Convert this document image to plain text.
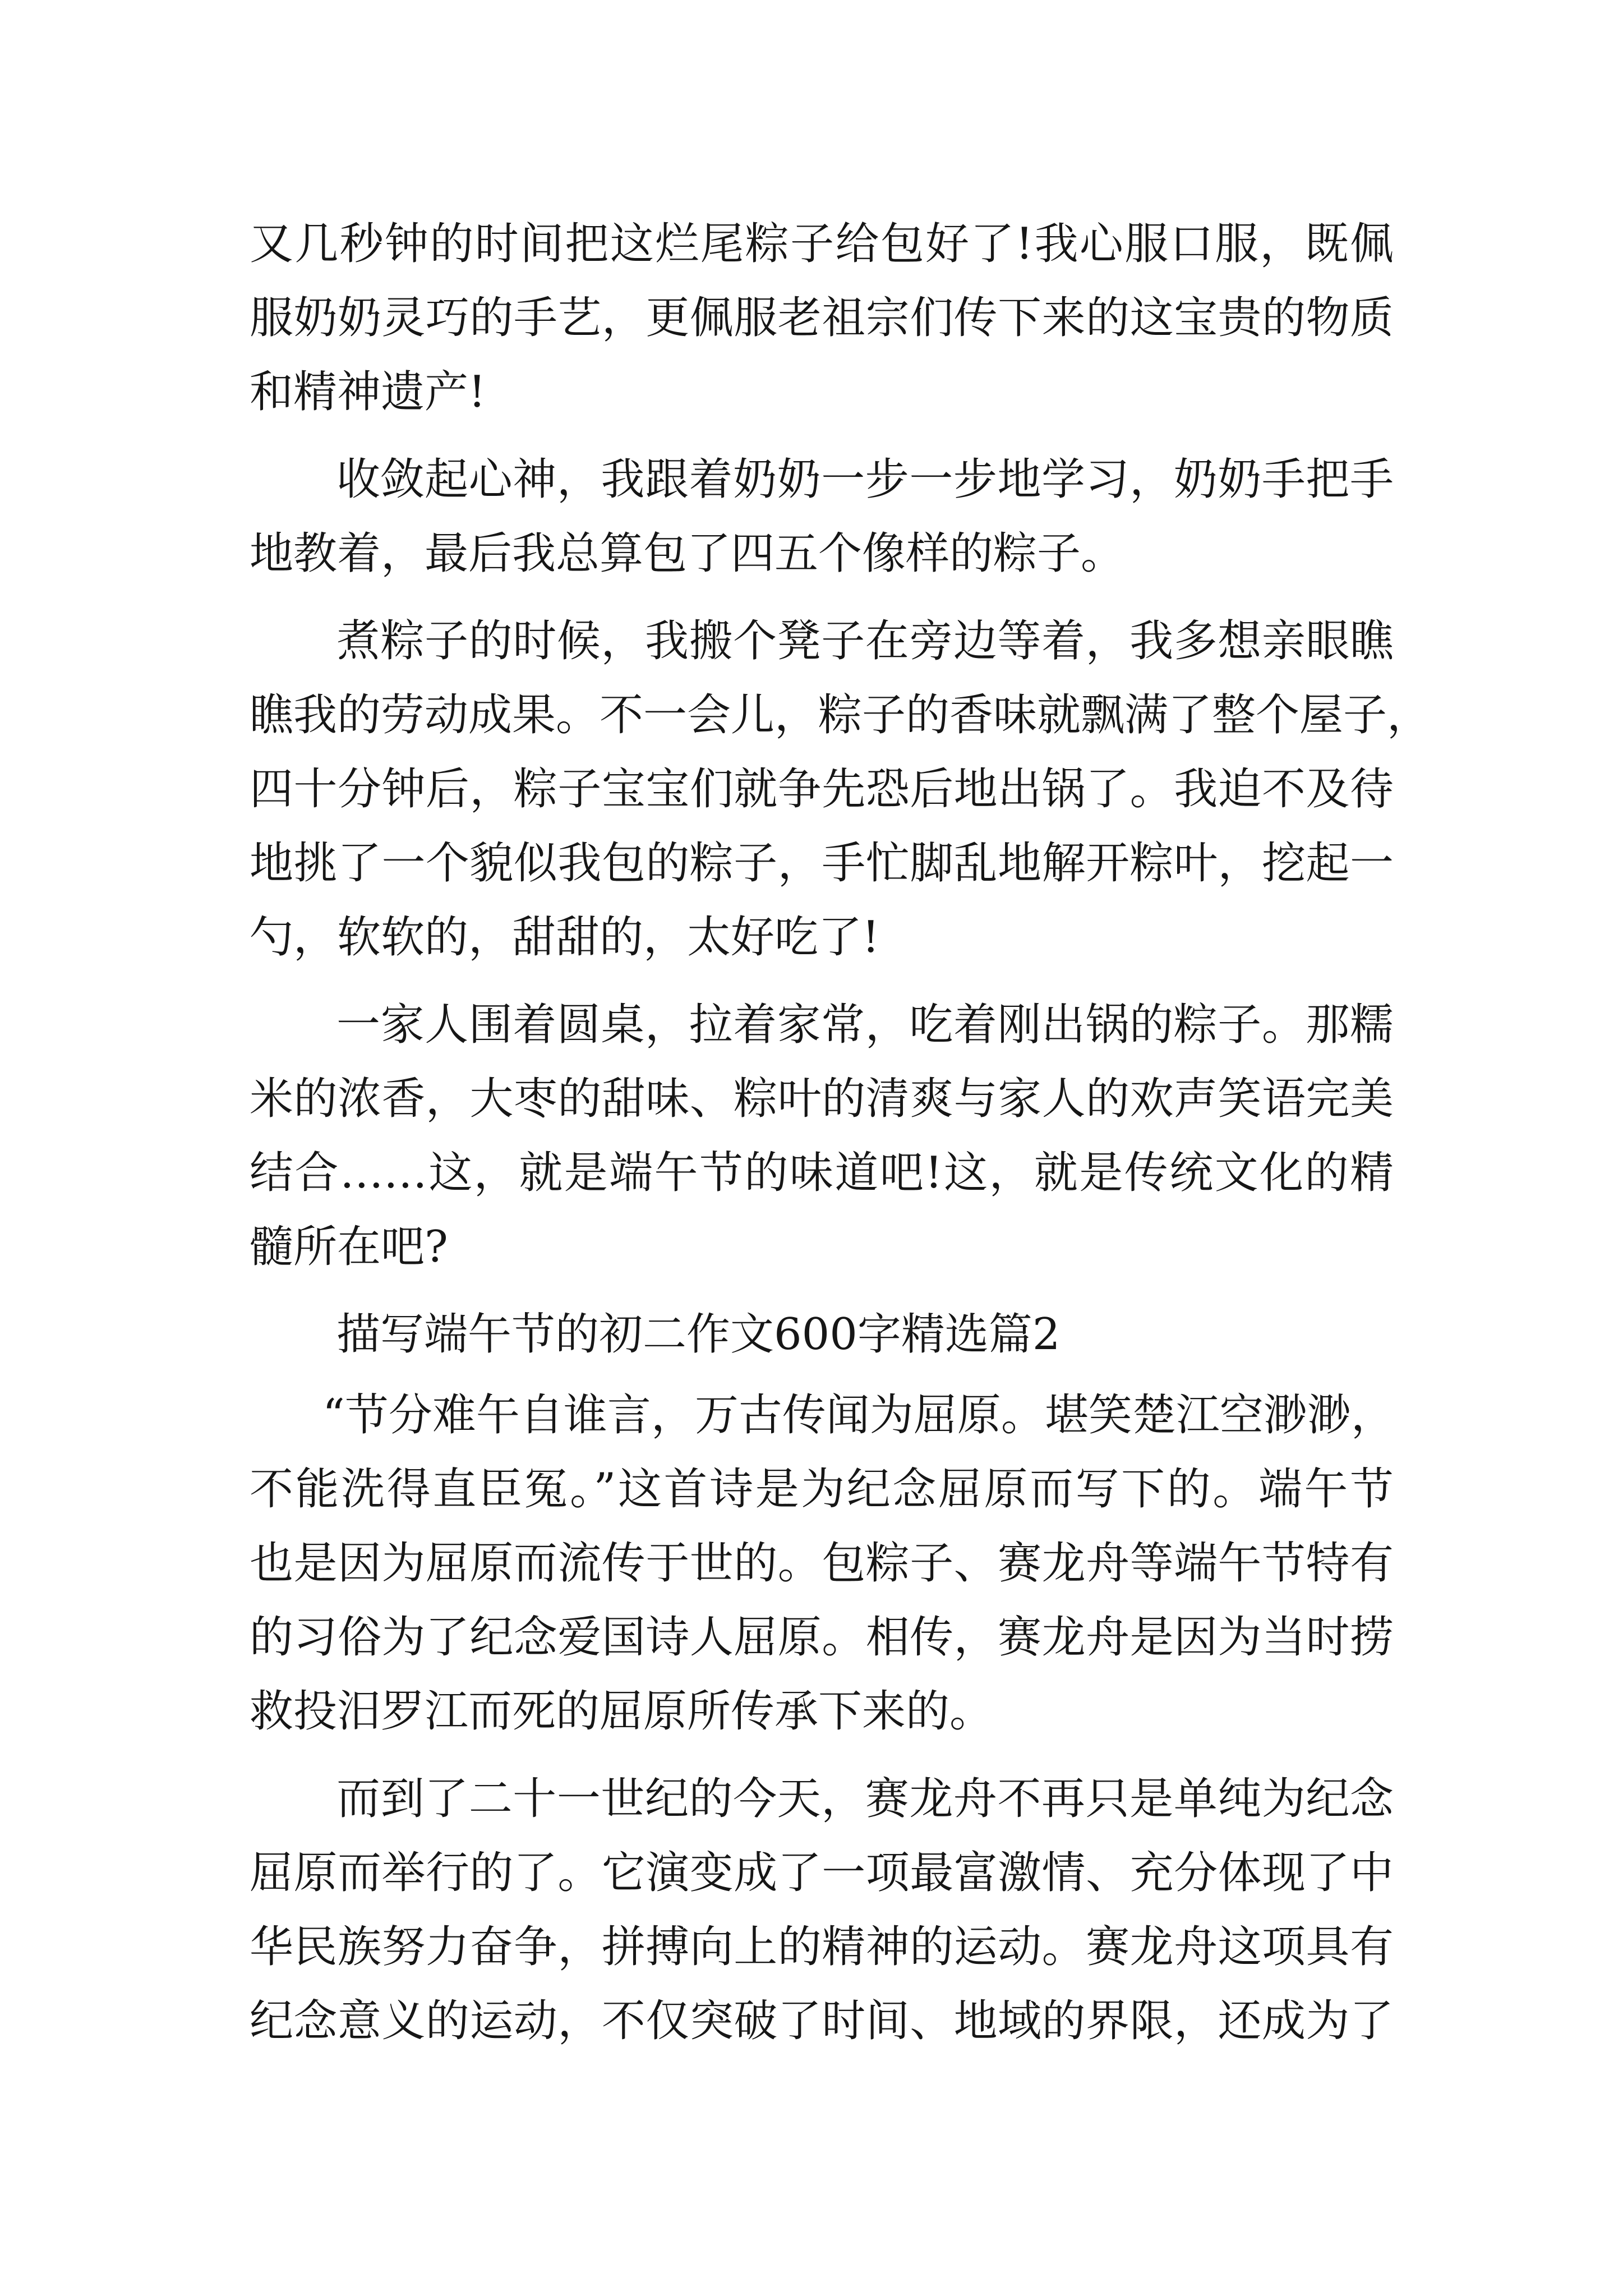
又几秒钟的时间把这烂尾粽子给包好了!我心服口服，既佩
服奶奶灵巧的手艺，更佩服老祖宗们传下来的这宝贵的物质
和精神遗产!
收敛起心神，我跟着奶奶一步一步地学习，奶奶手把手
地教着，最后我总算包了四五个像样的粽子。
煮粽子的时候，我搬个凳子在旁边等着，我多想亲眼瞧
瞧我的劳动成果。不一会儿，粽子的香味就飘满了整个屋子，
四十分钟后，粽子宝宝们就争先恐后地出锅了。我迫不及待
地挑了一个貌似我包的粽子，手忙脚乱地解开粽叶，挖起一
勺，软软的，甜甜的，太好吃了!
一家人围着圆桌，拉着家常，吃着刚出锅的粽子。那糯
米的浓香，大枣的甜味、粽叶的清爽与家人的欢声笑语完美
结合……这，就是端午节的味道吧!这，就是传统文化的精
髓所在吧?
描写端午节的初二作文600字精选篇2
“节分难午自谁言，万古传闻为屈原。堪笑楚江空渺渺，
不能洗得直臣冤。”这首诗是为纪念屈原而写下的。端午节
也是因为屈原而流传于世的。包粽子、赛龙舟等端午节特有
的习俗为了纪念爱国诗人屈原。相传，赛龙舟是因为当时捞
救投汨罗江而死的屈原所传承下来的。
而到了二十一世纪的今天，赛龙舟不再只是单纯为纪念
屈原而举行的了。它演变成了一项最富激情、充分体现了中
华民族努力奋争，拼搏向上的精神的运动。赛龙舟这项具有
纪念意义的运动，不仅突破了时间、地域的界限，还成为了
